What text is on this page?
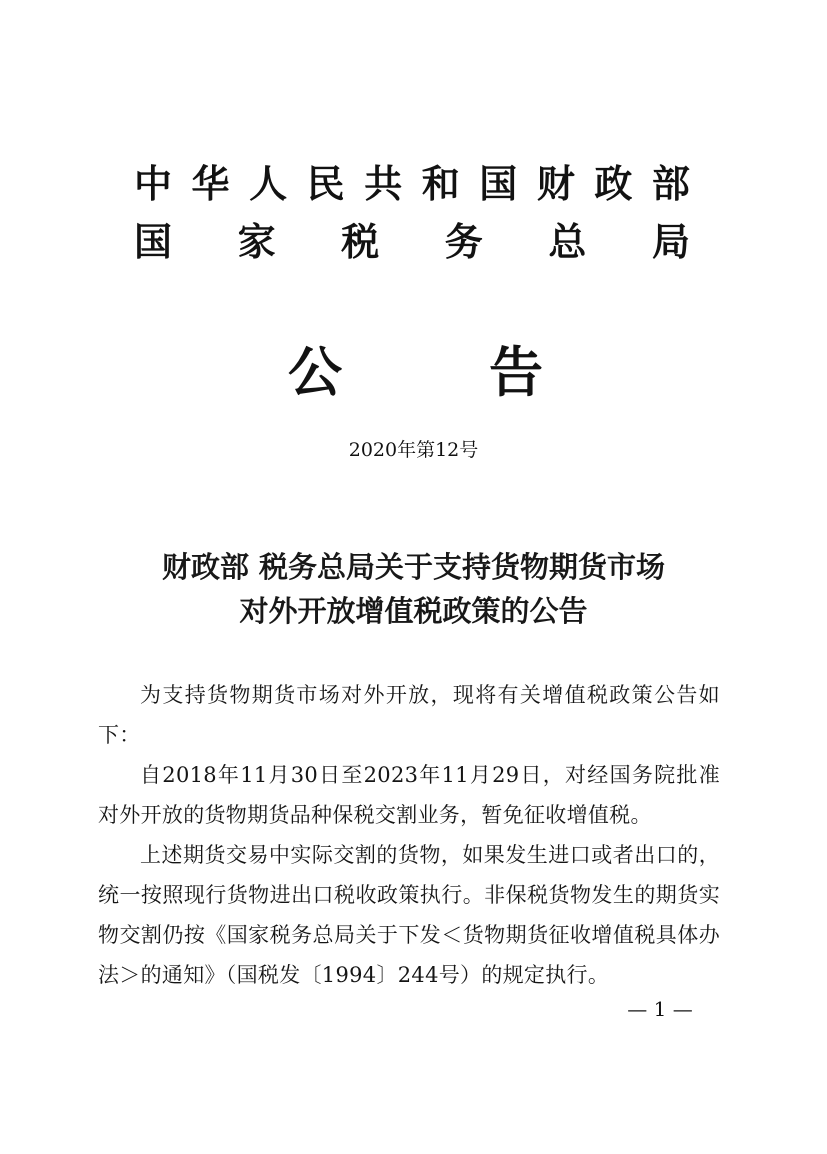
中 华 人 民 共 和 国 财 政 部
国 家 税 务 总 局
公	告
2020年第12号
财政部 税务总局关于支持货物期货市场
对外开放增值税政策的公告

为支持货物期货市场对外开放，现将有关增值税政策公告如下：

自2018年11月30日至2023年11月29日，对经国务院批准对外开放的货物期货品种保税交割业务，暂免征收增值税。

上述期货交易中实际交割的货物，如果发生进口或者出口的，统一按照现行货物进出口税收政策执行。非保税货物发生的期货实物交割仍按《国家税务总局关于下发＜货物期货征收增值税具体办法＞的通知》（国税发〔1994〕244号）的规定执行。

— 1 —
